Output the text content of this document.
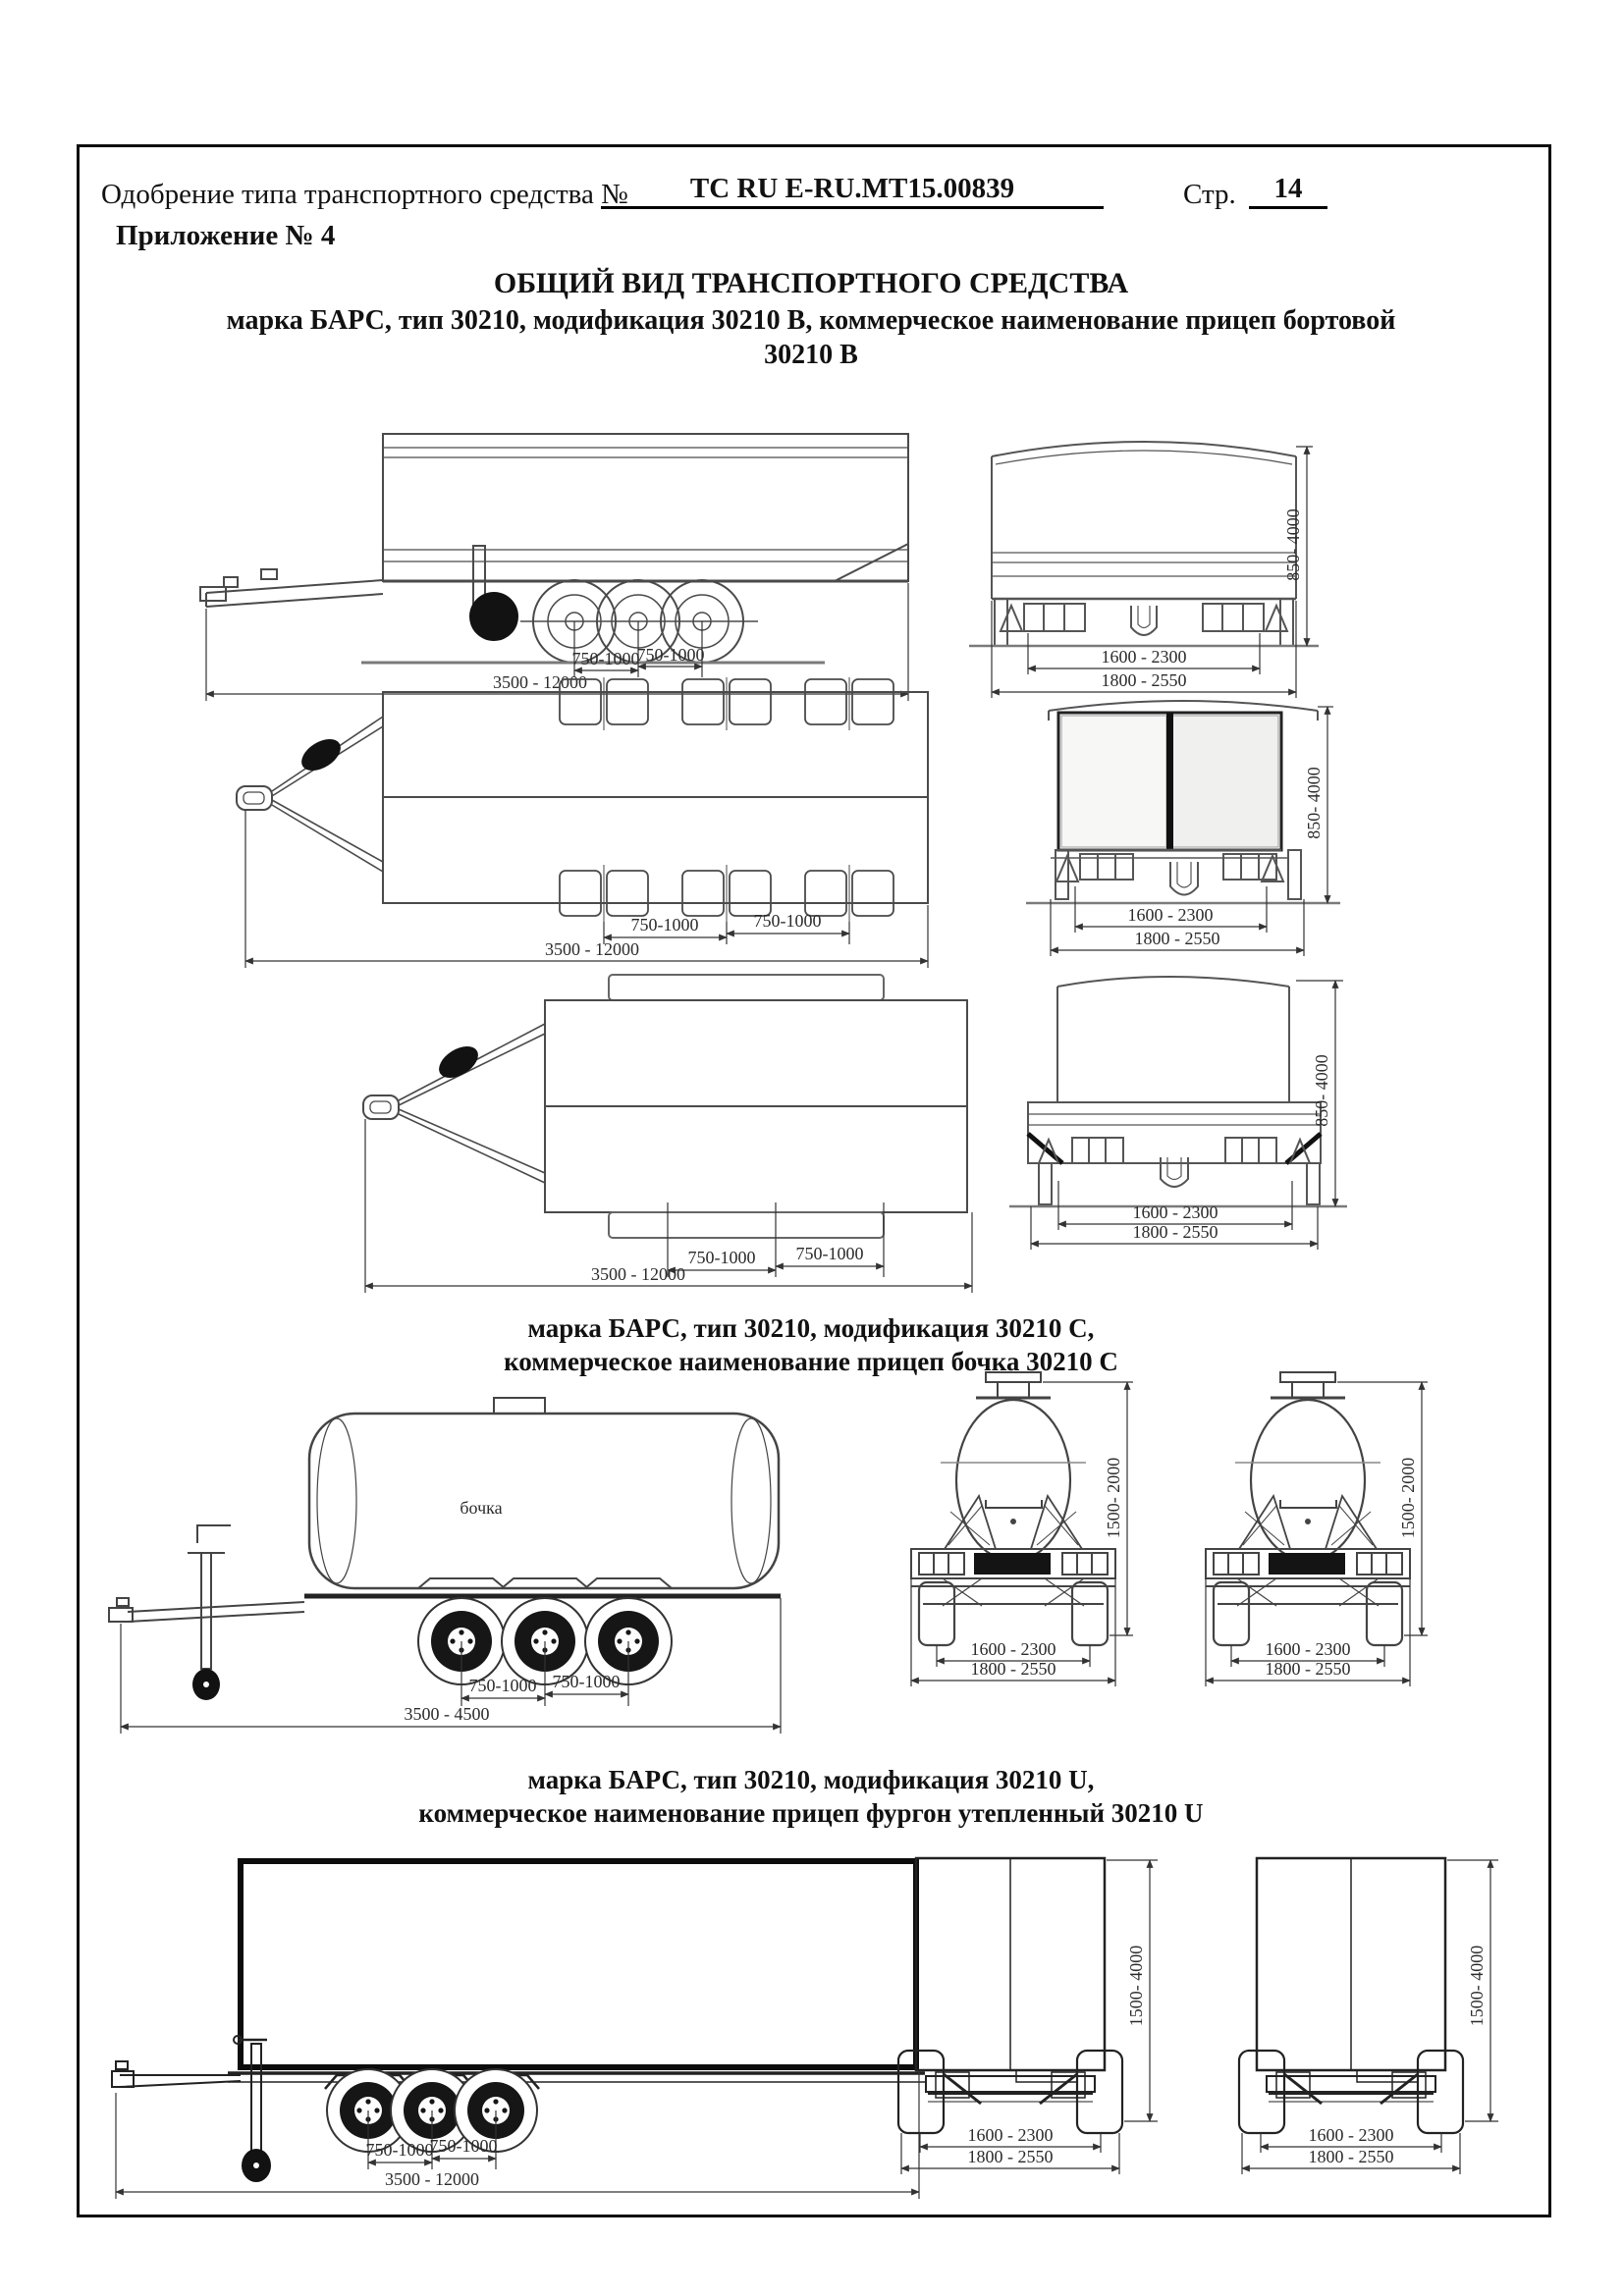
Одобрение типа транспортного средства №	ТС RU E-RU.MT15.00839	Стр.	14
Приложение № 4
ОБЩИЙ ВИД ТРАНСПОРТНОГО СРЕДСТВА
марка БАРС, тип 30210, модификация 30210 В, коммерческое наименование прицеп бортовой
30210 В
750-1000
750-1000
3500 - 12000
850- 4000
1600 - 2300
1800 - 2550
750-1000	750-1000
3500 - 12000
850- 4000
1600 - 2300
1800 - 2550
750-1000 750-1000
3500 - 12000
850- 4000
1600 - 2300
1800 - 2550
марка БАРС, тип 30210, модификация 30210 С,
коммерческое наименование прицеп бочка 30210 С
бочка
750-1000 750-1000
3500 - 4500
1500- 2000
1600 - 2300
1800 - 2550
1500- 2000
1600 - 2300
1800 - 2550
марка БАРС, тип 30210, модификация 30210 U,
коммерческое наименование прицеп фургон утепленный 30210 U
750-1000
750-1000
3500 - 12000
1500- 4000
1600 - 2300
1800 - 2550
1500- 4000
1600 - 2300
1800 - 2550
